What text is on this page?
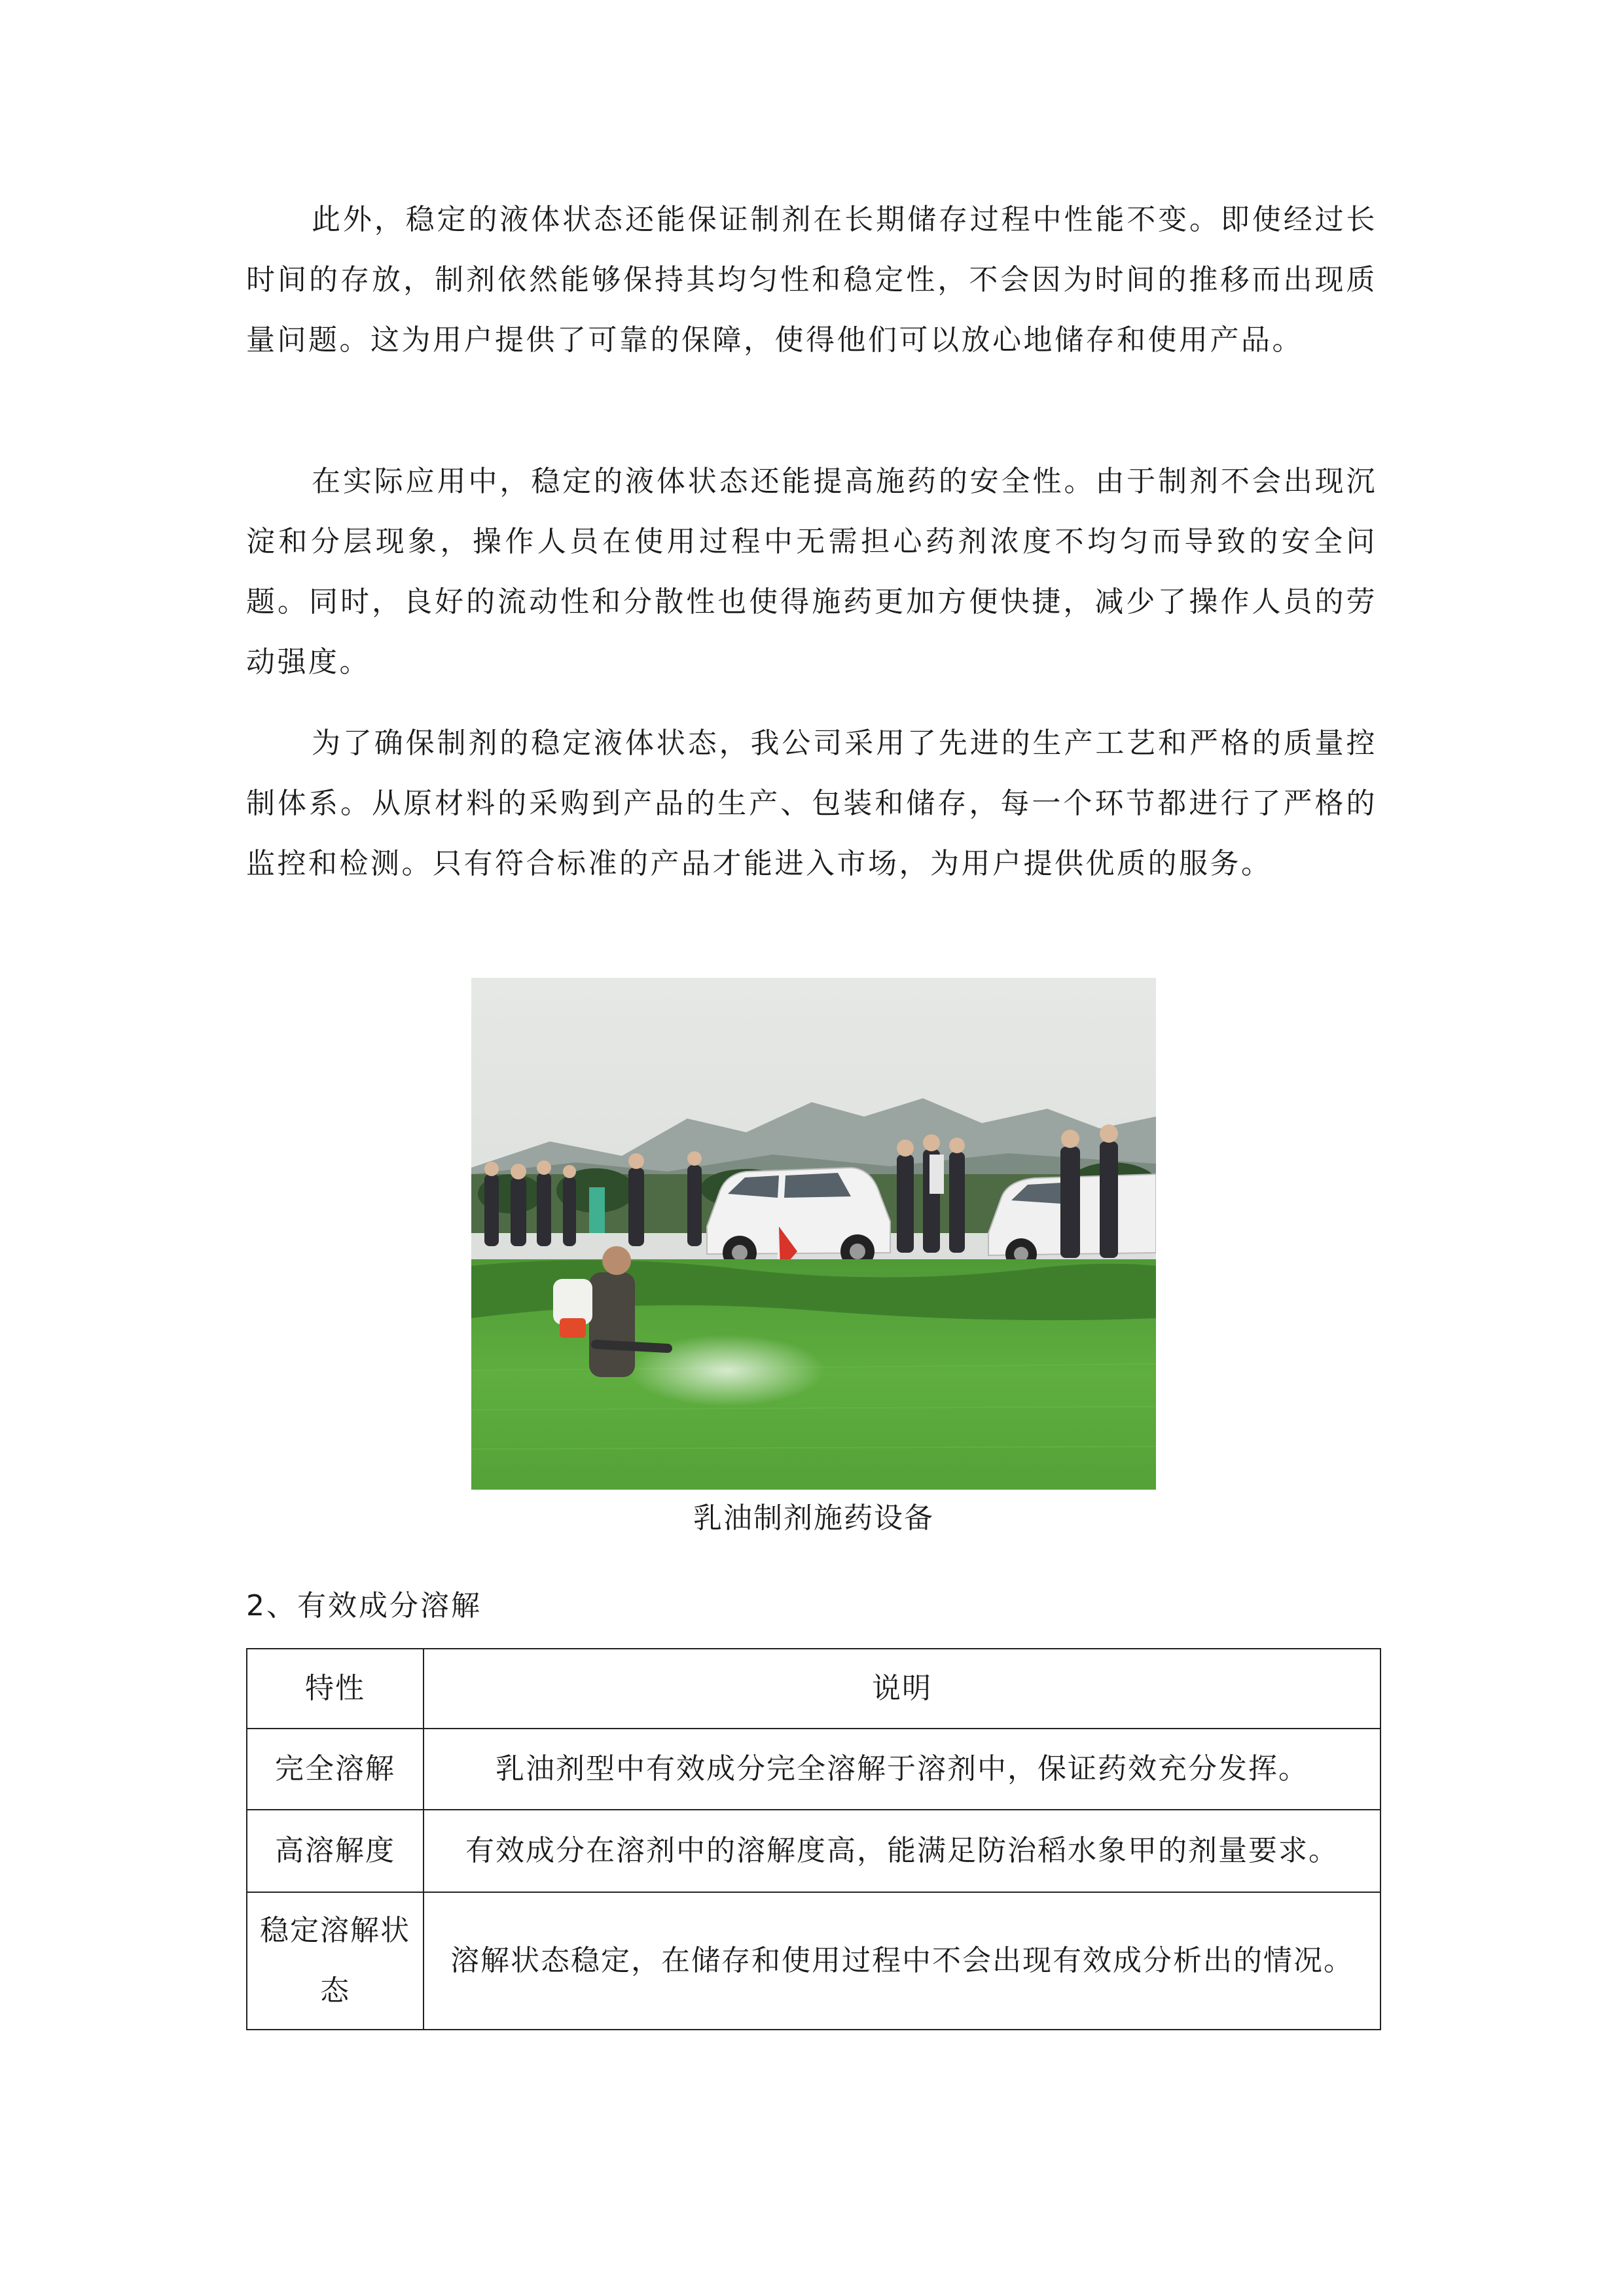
此外，稳定的液体状态还能保证制剂在长期储存过程中性能不变。即使经过长时间的存放，制剂依然能够保持其均匀性和稳定性，不会因为时间的推移而出现质量问题。这为用户提供了可靠的保障，使得他们可以放心地储存和使用产品。

在实际应用中，稳定的液体状态还能提高施药的安全性。由于制剂不会出现沉淀和分层现象，操作人员在使用过程中无需担心药剂浓度不均匀而导致的安全问题。同时，良好的流动性和分散性也使得施药更加方便快捷，减少了操作人员的劳动强度。

为了确保制剂的稳定液体状态，我公司采用了先进的生产工艺和严格的质量控制体系。从原材料的采购到产品的生产、包装和储存，每一个环节都进行了严格的监控和检测。只有符合标准的产品才能进入市场，为用户提供优质的服务。

乳油制剂施药设备
2、有效成分溶解
特性	说明
完全溶解	乳油剂型中有效成分完全溶解于溶剂中，保证药效充分发挥。
高溶解度	有效成分在溶剂中的溶解度高，能满足防治稻水象甲的剂量要求。
稳定溶解状态	溶解状态稳定，在储存和使用过程中不会出现有效成分析出的情况。
